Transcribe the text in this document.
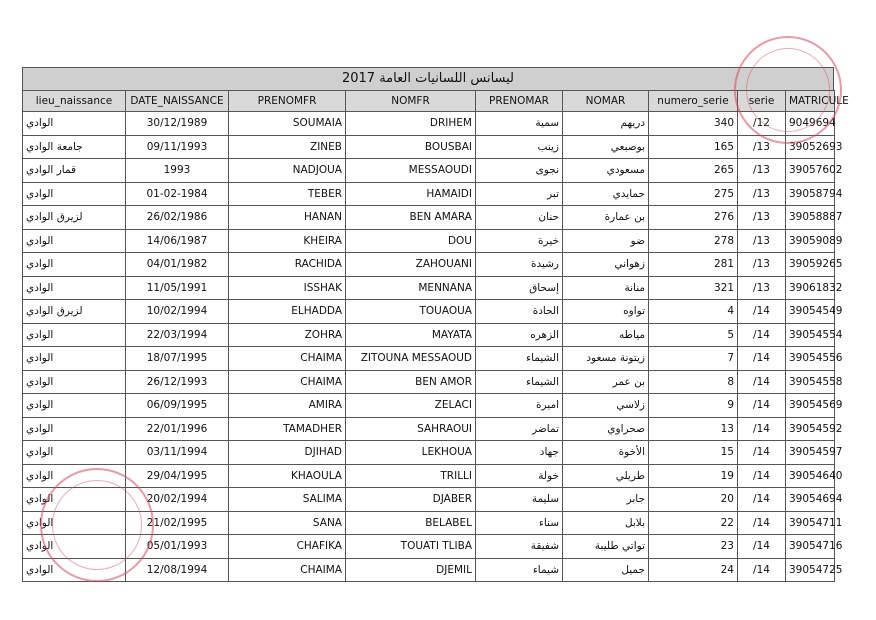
ليسانس اللسانيات العامة 2017
lieu_naissance	DATE_NAISSANCE	PRENOMFR	NOMFR	PRENOMAR	NOMAR	numero_serie	serie	MATRICULE
الوادي	30/12/1989	SOUMAIA	DRIHEM	سمية	دريهم	340	/12	9049694
جامعة الوادي	09/11/1993	ZINEB	BOUSBAI	زينب	بوصبعي	165	/13	39052693
قمار الوادي	1993	NADJOUA	MESSAOUDI	نجوى	مسعودي	265	/13	39057602
الوادي	01-02-1984	TEBER	HAMAIDI	تبر	حمايدي	275	/13	39058794
لزيرق الوادي	26/02/1986	HANAN	BEN AMARA	حنان	بن عمارة	276	/13	39058887
الوادي	14/06/1987	KHEIRA	DOU	خيرة	ضو	278	/13	39059089
الوادي	04/01/1982	RACHIDA	ZAHOUANI	رشيدة	زهواني	281	/13	39059265
الوادي	11/05/1991	ISSHAK	MENNANA	إسحاق	منانة	321	/13	39061832
لزيرق الوادي	10/02/1994	ELHADDA	TOUAOUA	الحادة	تواوه	4	/14	39054549
الوادي	22/03/1994	ZOHRA	MAYATA	الزهره	مياطه	5	/14	39054554
الوادي	18/07/1995	CHAIMA	ZITOUNA MESSAOUD	الشيماء	زيتونة مسعود	7	/14	39054556
الوادي	26/12/1993	CHAIMA	BEN AMOR	الشيماء	بن عمر	8	/14	39054558
الوادي	06/09/1995	AMIRA	ZELACI	اميرة	زلاسي	9	/14	39054569
الوادي	22/01/1996	TAMADHER	SAHRAOUI	تماضر	صحراوي	13	/14	39054592
الوادي	03/11/1994	DJIHAD	LEKHOUA	جهاد	الأخوة	15	/14	39054597
الوادي	29/04/1995	KHAOULA	TRILLI	خولة	طريلي	19	/14	39054640
الوادي	20/02/1994	SALIMA	DJABER	سليمة	جابر	20	/14	39054694
الوادي	21/02/1995	SANA	BELABEL	سناء	بلابل	22	/14	39054711
الوادي	05/01/1993	CHAFIKA	TOUATI TLIBA	شفيقة	تواتي طليبة	23	/14	39054716
الوادي	12/08/1994	CHAIMA	DJEMIL	شيماء	جميل	24	/14	39054725
